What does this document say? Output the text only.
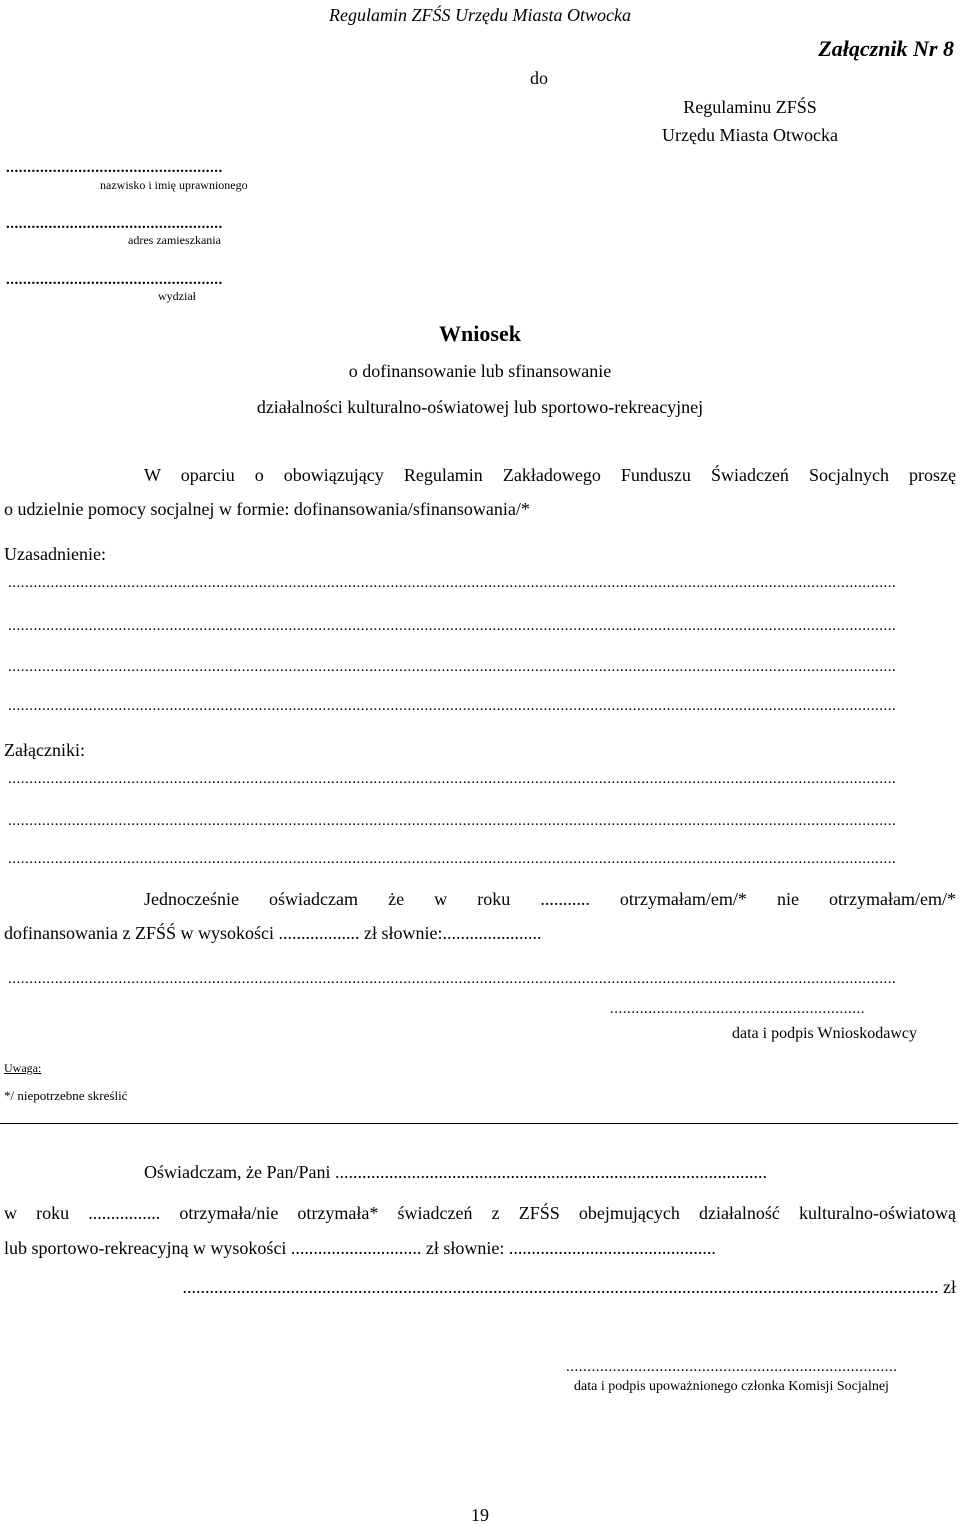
Regulamin ZFŚS Urzędu Miasta Otwocka
Załącznik Nr 8
do
Regulaminu ZFŚS
Urzędu Miasta Otwocka
...................................................
nazwisko i imię uprawnionego
...................................................
adres zamieszkania
...................................................
wydział
Wniosek
o dofinansowanie lub sfinansowanie
działalności kulturalno-oświatowej lub sportowo-rekreacyjnej
W oparciu o obowiązujący Regulamin Zakładowego Funduszu Świadczeń Socjalnych proszę
o udzielnie pomocy socjalnej w formie: dofinansowania/sfinansowania/*
Uzasadnienie:
.................................................................................................................................................................................................................
.................................................................................................................................................................................................................
.................................................................................................................................................................................................................
.................................................................................................................................................................................................................
Załączniki:
.................................................................................................................................................................................................................
.................................................................................................................................................................................................................
.................................................................................................................................................................................................................
Jednocześnie oświadczam że w roku ........... otrzymałam/em/* nie otrzymałam/em/*
dofinansowania z ZFŚŚ w wysokości .................. zł słownie:......................
.................................................................................................................................................................................................................
............................................................
data i podpis Wnioskodawcy
Uwaga:
*/ niepotrzebne skreślić
Oświadczam, że Pan/Pani ................................................................................................
w roku ................ otrzymała/nie otrzymała* świadczeń z ZFŚS obejmujących działalność kulturalno-oświatową
lub sportowo-rekreacyjną w wysokości ............................. zł słownie: ..............................................
........................................................................................................................................................................ zł
..............................................................................
data i podpis upoważnionego członka Komisji Socjalnej
19
